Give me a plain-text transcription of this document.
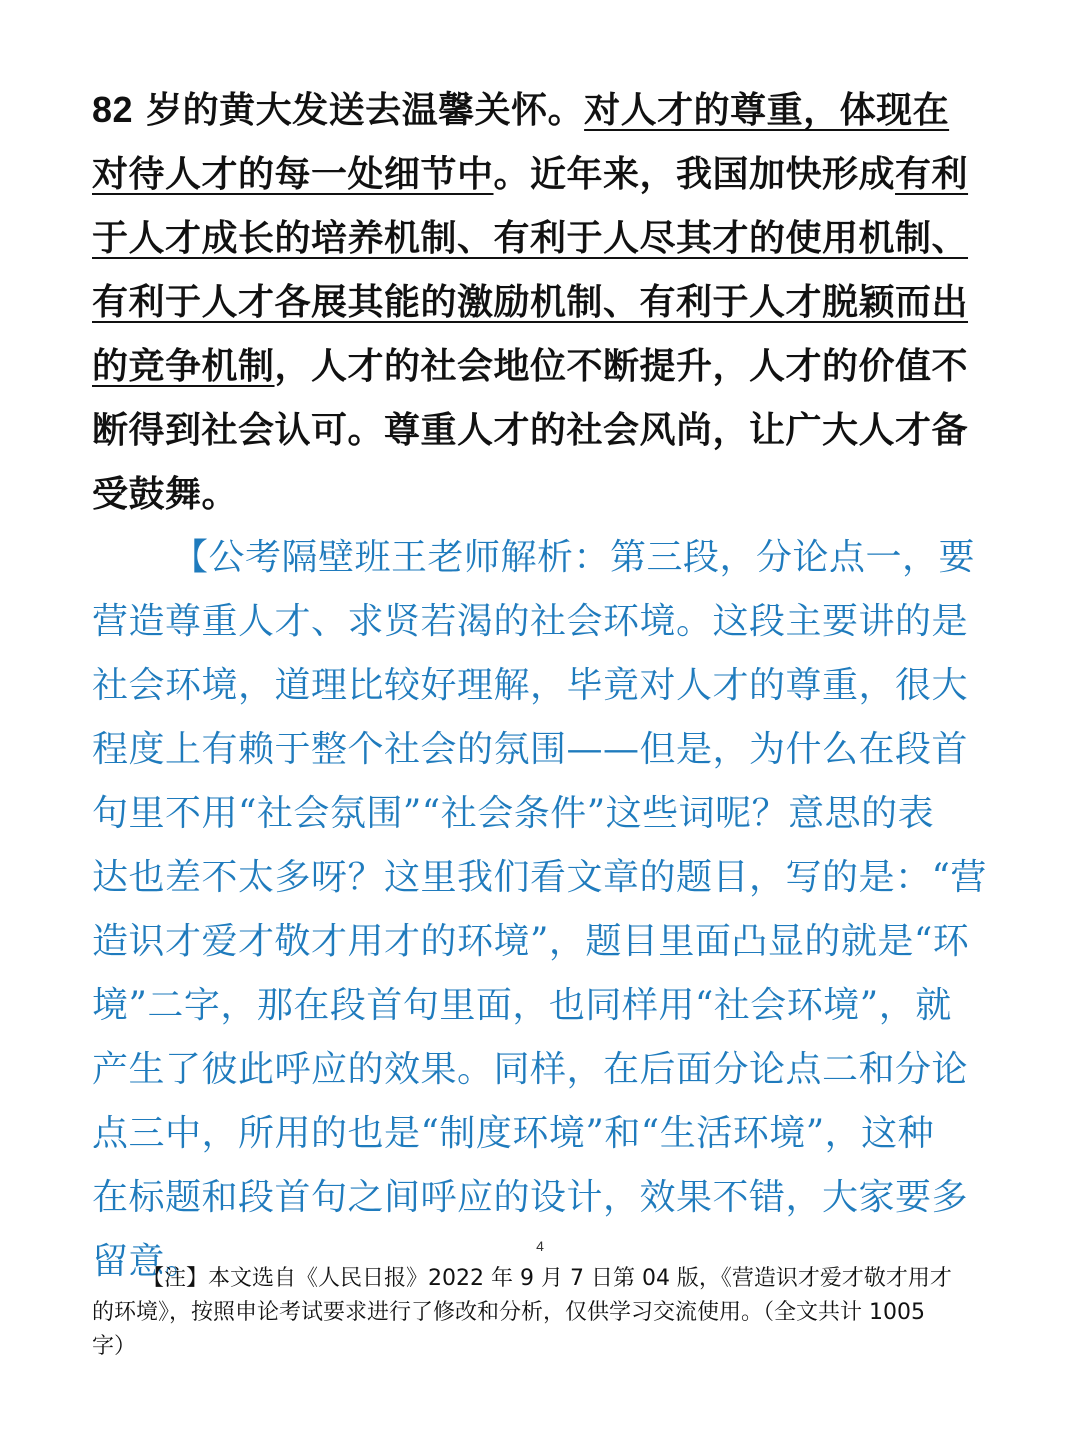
82 岁的黄大发送去温馨关怀。对人才的尊重，体现在
对待人才的每一处细节中。近年来，我国加快形成有利
于人才成长的培养机制、有利于人尽其才的使用机制、
有利于人才各展其能的激励机制、有利于人才脱颖而出
的竞争机制，人才的社会地位不断提升，人才的价值不
断得到社会认可。尊重人才的社会风尚，让广大人才备
受鼓舞。
【公考隔壁班王老师解析：第三段，分论点一，要
营造尊重人才、求贤若渴的社会环境。这段主要讲的是
社会环境，道理比较好理解，毕竟对人才的尊重，很大
程度上有赖于整个社会的氛围——但是，为什么在段首
句里不用“社会氛围”“社会条件”这些词呢？意思的表
达也差不太多呀？这里我们看文章的题目，写的是：“营
造识才爱才敬才用才的环境”，题目里面凸显的就是“环
境”二字，那在段首句里面，也同样用“社会环境”，就
产生了彼此呼应的效果。同样，在后面分论点二和分论
点三中，所用的也是“制度环境”和“生活环境”，这种
在标题和段首句之间呼应的设计，效果不错，大家要多
留意。	4
【注】本文选自《人民日报》2022 年 9 月 7 日第 04 版，《营造识才爱才敬才用才
的环境》，按照申论考试要求进行了修改和分析，仅供学习交流使用。（全文共计 1005
字）
